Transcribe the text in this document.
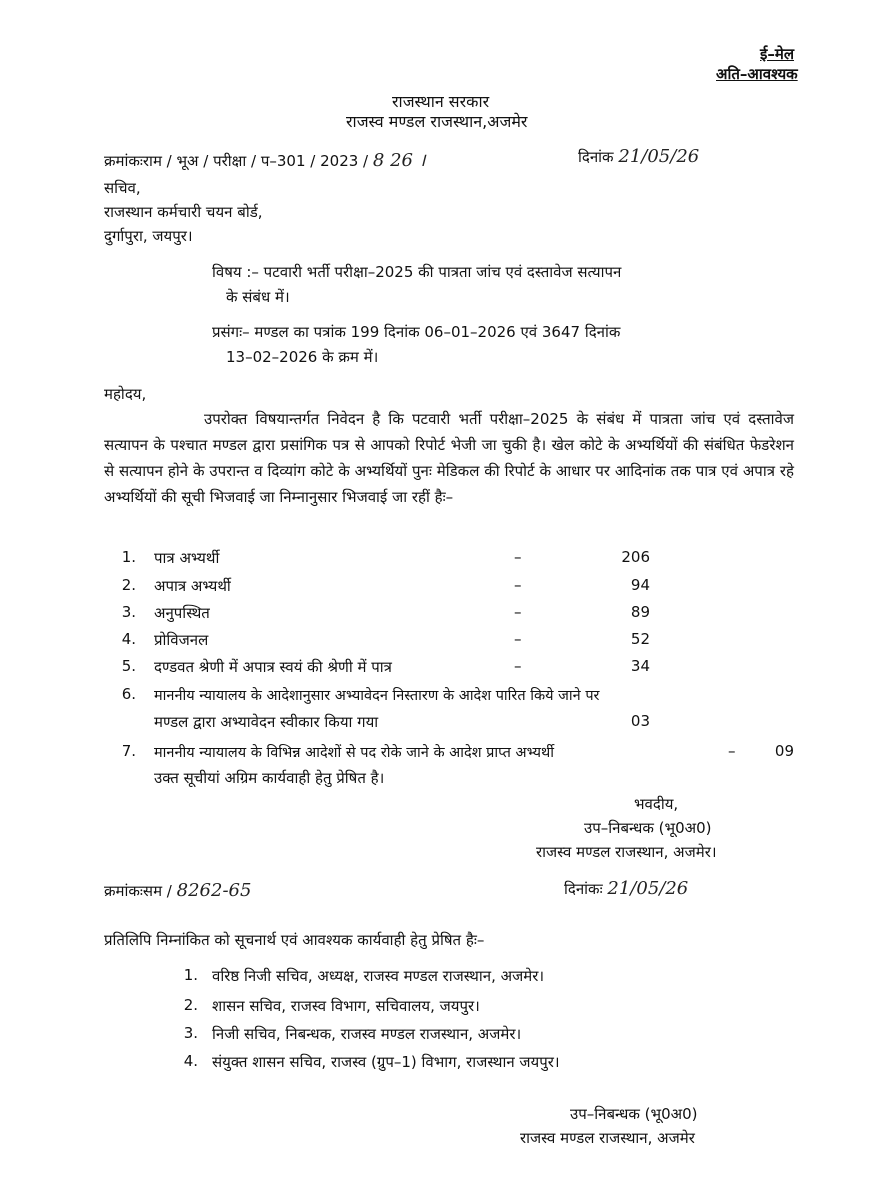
ई–मेल
अति–आवश्यक
राजस्थान सरकार
राजस्व मण्डल राजस्थान,अजमेर
क्रमांकःराम / भूअ / परीक्षा / प–301 / 2023 / 8 26 ।	दिनांक 21/05/26
सचिव,
राजस्थान कर्मचारी चयन बोर्ड,
दुर्गापुरा, जयपुर।
विषय :– पटवारी भर्ती परीक्षा–2025 की पात्रता जांच एवं दस्तावेज सत्यापन
के संबंध में।
प्रसंगः– मण्डल का पत्रांक 199 दिनांक 06–01–2026 एवं 3647 दिनांक
13–02–2026 के क्रम में।
महोदय,
उपरोक्त विषयान्तर्गत निवेदन है कि पटवारी भर्ती परीक्षा–2025 के संबंध में पात्रता जांच एवं दस्तावेज सत्यापन के पश्चात मण्डल द्वारा प्रसांगिक पत्र से आपको रिपोर्ट भेजी जा चुकी है। खेल कोटे के अभ्यर्थियों की संबंधित फेडरेशन से सत्यापन होने के उपरान्त व दिव्यांग कोटे के अभ्यर्थियों पुनः मेडिकल की रिपोर्ट के आधार पर आदिनांक तक पात्र एवं अपात्र रहे अभ्यर्थियों की सूची भिजवाई जा निम्नानुसार भिजवाई जा रहीं हैः–
1. पात्र अभ्यर्थी	–	206
2. अपात्र अभ्यर्थी	–	94
3. अनुपस्थित	–	89
4. प्रोविजनल	–	52
5. दण्डवत श्रेणी में अपात्र स्वयं की श्रेणी में पात्र	–	34
6. माननीय न्यायालय के आदेशानुसार अभ्यावेदन निस्तारण के आदेश पारित किये जाने पर
मण्डल द्वारा अभ्यावेदन स्वीकार किया गया	03
7. माननीय न्यायालय के विभिन्न आदेशों से पद रोके जाने के आदेश प्राप्त अभ्यर्थी	–	09
उक्त सूचीयां अग्रिम कार्यवाही हेतु प्रेषित है।
भवदीय,
उप–निबन्धक (भू0अ0)
राजस्व मण्डल राजस्थान, अजमेर।
क्रमांकःसम / 8262-65	दिनांकः 21/05/26
प्रतिलिपि निम्नांकित को सूचनार्थ एवं आवश्यक कार्यवाही हेतु प्रेषित हैः–
1. वरिष्ठ निजी सचिव, अध्यक्ष, राजस्व मण्डल राजस्थान, अजमेर।
2. शासन सचिव, राजस्व विभाग, सचिवालय, जयपुर।
3. निजी सचिव, निबन्धक, राजस्व मण्डल राजस्थान, अजमेर।
4. संयुक्त शासन सचिव, राजस्व (ग्रुप–1) विभाग, राजस्थान जयपुर।
उप–निबन्धक (भू0अ0)
राजस्व मण्डल राजस्थान, अजमेर
